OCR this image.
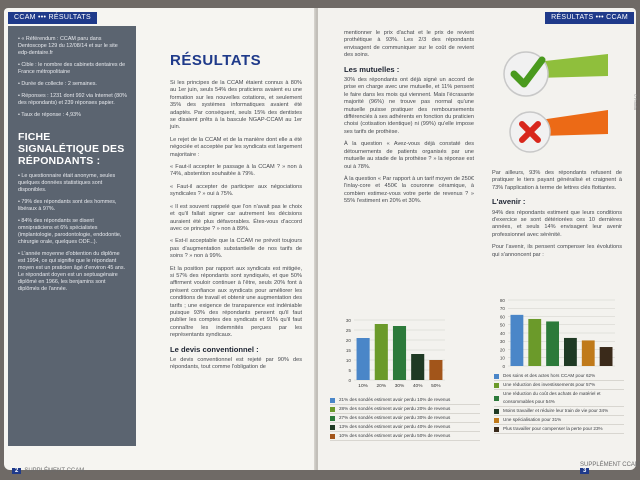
CCAM ••• RÉSULTATS	RÉSULTATS ••• CCAM
• « Référendum : CCAM paru dans Dentoscope 129 du 12/08/14 et sur le site edp-dentaire.fr
• Cible : le nombre des cabinets dentaires de France métropolitaine
• Durée de collecte : 2 semaines.
• Réponses : 1231 dont 992 via Internet (80% des répondants) et 239 réponses papier.
• Taux de réponse : 4,93%
FICHE SIGNALÉTIQUE DES RÉPONDANTS :
• Le questionnaire était anonyme, seules quelques données statistiques sont disponibles.
• 79% des répondants sont des hommes, libéraux à 97%.
• 84% des répondants se disent omnipraticiens et 6% spécialistes (implantologie, parodontologie, endodontie, chirurgie orale, quelques ODF...).
• L'année moyenne d'obtention du diplôme est 1994, ce qui signifie que le répondant moyen est un praticien âgé d'environ 45 ans. Le répondant doyen est un septuagénaire diplômé en 1966, les benjamins sont diplômés de l'année.
RÉSULTATS

Si les principes de la CCAM étaient connus à 80% au 1er juin, seuls 54% des praticiens avaient eu une formation sur les nouvelles cotations, et seulement 35% des systèmes informatiques avaient été adaptés. Par conséquent, seuls 15% des dentistes se disaient prêts à la bascule NGAP-CCAM au 1er juin.

Le rejet de la CCAM et de la manière dont elle a été négociée et acceptée par les syndicats est largement majoritaire :

« Faut-il accepter le passage à la CCAM ? » non à 74%, abstention souhaitée à 79%.

« Faut-il accepter de participer aux négociations syndicales ? » oui à 75%.

« Il est souvent rappelé que l'on n'avait pas le choix et qu'il fallait signer car autrement les décisions auraient été plus défavorables. Étes-vous d'accord avec ce principe ? » non à 89%.

« Est-il acceptable que la CCAM ne prévoit toujours pas d'augmentation substantielle de nos tarifs de soins ? » non à 99%.

Et la position par rapport aux syndicats est mitigée, si 57% des répondants sont syndiqués, et que 50% affirment vouloir continuer à l'être, seuls 20% font à présent confiance aux syndicats pour améliorer les conditions de travail et obtenir une augmentation des tarifs ; une exigence de transparence est indéniable puisque 93% des répondants pensent qu'il faut publier les comptes des syndicats et 91% qu'il faut connaître les indemnités perçues par les représentants syndicaux.

Le devis conventionnel :

Le devis conventionnel est rejeté par 90% des répondants, tout comme l'obligation de

2 SUPPLÉMENT CCAM

mentionner le prix d'achat et le prix de revient prothétique à 93%. Les 2/3 des répondants envisagent de communiquer sur le coût de revient des soins.

Les mutuelles :

30% des répondants ont déjà signé un accord de prise en charge avec une mutuelle, et 11% pensent le faire dans les mois qui viennent. Mais l'écrasante majorité (96%) ne trouve pas normal qu'une mutuelle puisse pratiquer des remboursements différenciés à ses adhérents en fonction du praticien choisi (cotisation identique) ni (99%) qu'elle impose ses tarifs de prothèse.

À la question « Avez-vous déjà constaté des détournements de patients organisés par une mutuelle au stade de la prothèse ? » la réponse est oui à 78%.

À la question « Par rapport à un tarif moyen de 250€ l'inlay-core et 450€ la couronne céramique, à combien estimez-vous votre perte de revenus ? » 55% l'estiment en 20% et 30%.

© Fotolia

Par ailleurs, 93% des répondants refusent de pratiquer le tiers payant généralisé et craignent à 73% l'application à terme de lettres clés flottantes.

L'avenir :

94% des répondants estiment que leurs conditions d'exercice se sont détériorées ces 10 dernières années, et seuls 14% envisagent leur avenir professionnel avec sérénité.

Pour l'avenir, ils pensent compenser les évolutions qui s'annoncent par :

0
5
10
15
20
25
30
10% 20% 30% 40% 50%
0
10
20
30
40
50
60
70
80
21% des sondés estiment avoir perdu 10% de revenus
28% des sondés estiment avoir perdu 20% de revenus
27% des sondés estiment avoir perdu 30% de revenus
13% des sondés estiment avoir perdu 40% de revenus
10% des sondés estiment avoir perdu 50% de revenus
Des soins et des actes hors CCAM pour 62%
Une réduction des investissements pour 57%
Une réduction du coût des achats de matériel et consommables pour 54%
Moins travailler et réduire leur train de vie pour 34%
Une spécialisation pour 31%
Plus travailler pour compenser la perte pour 23%
SUPPLÉMENT CCAM 3
